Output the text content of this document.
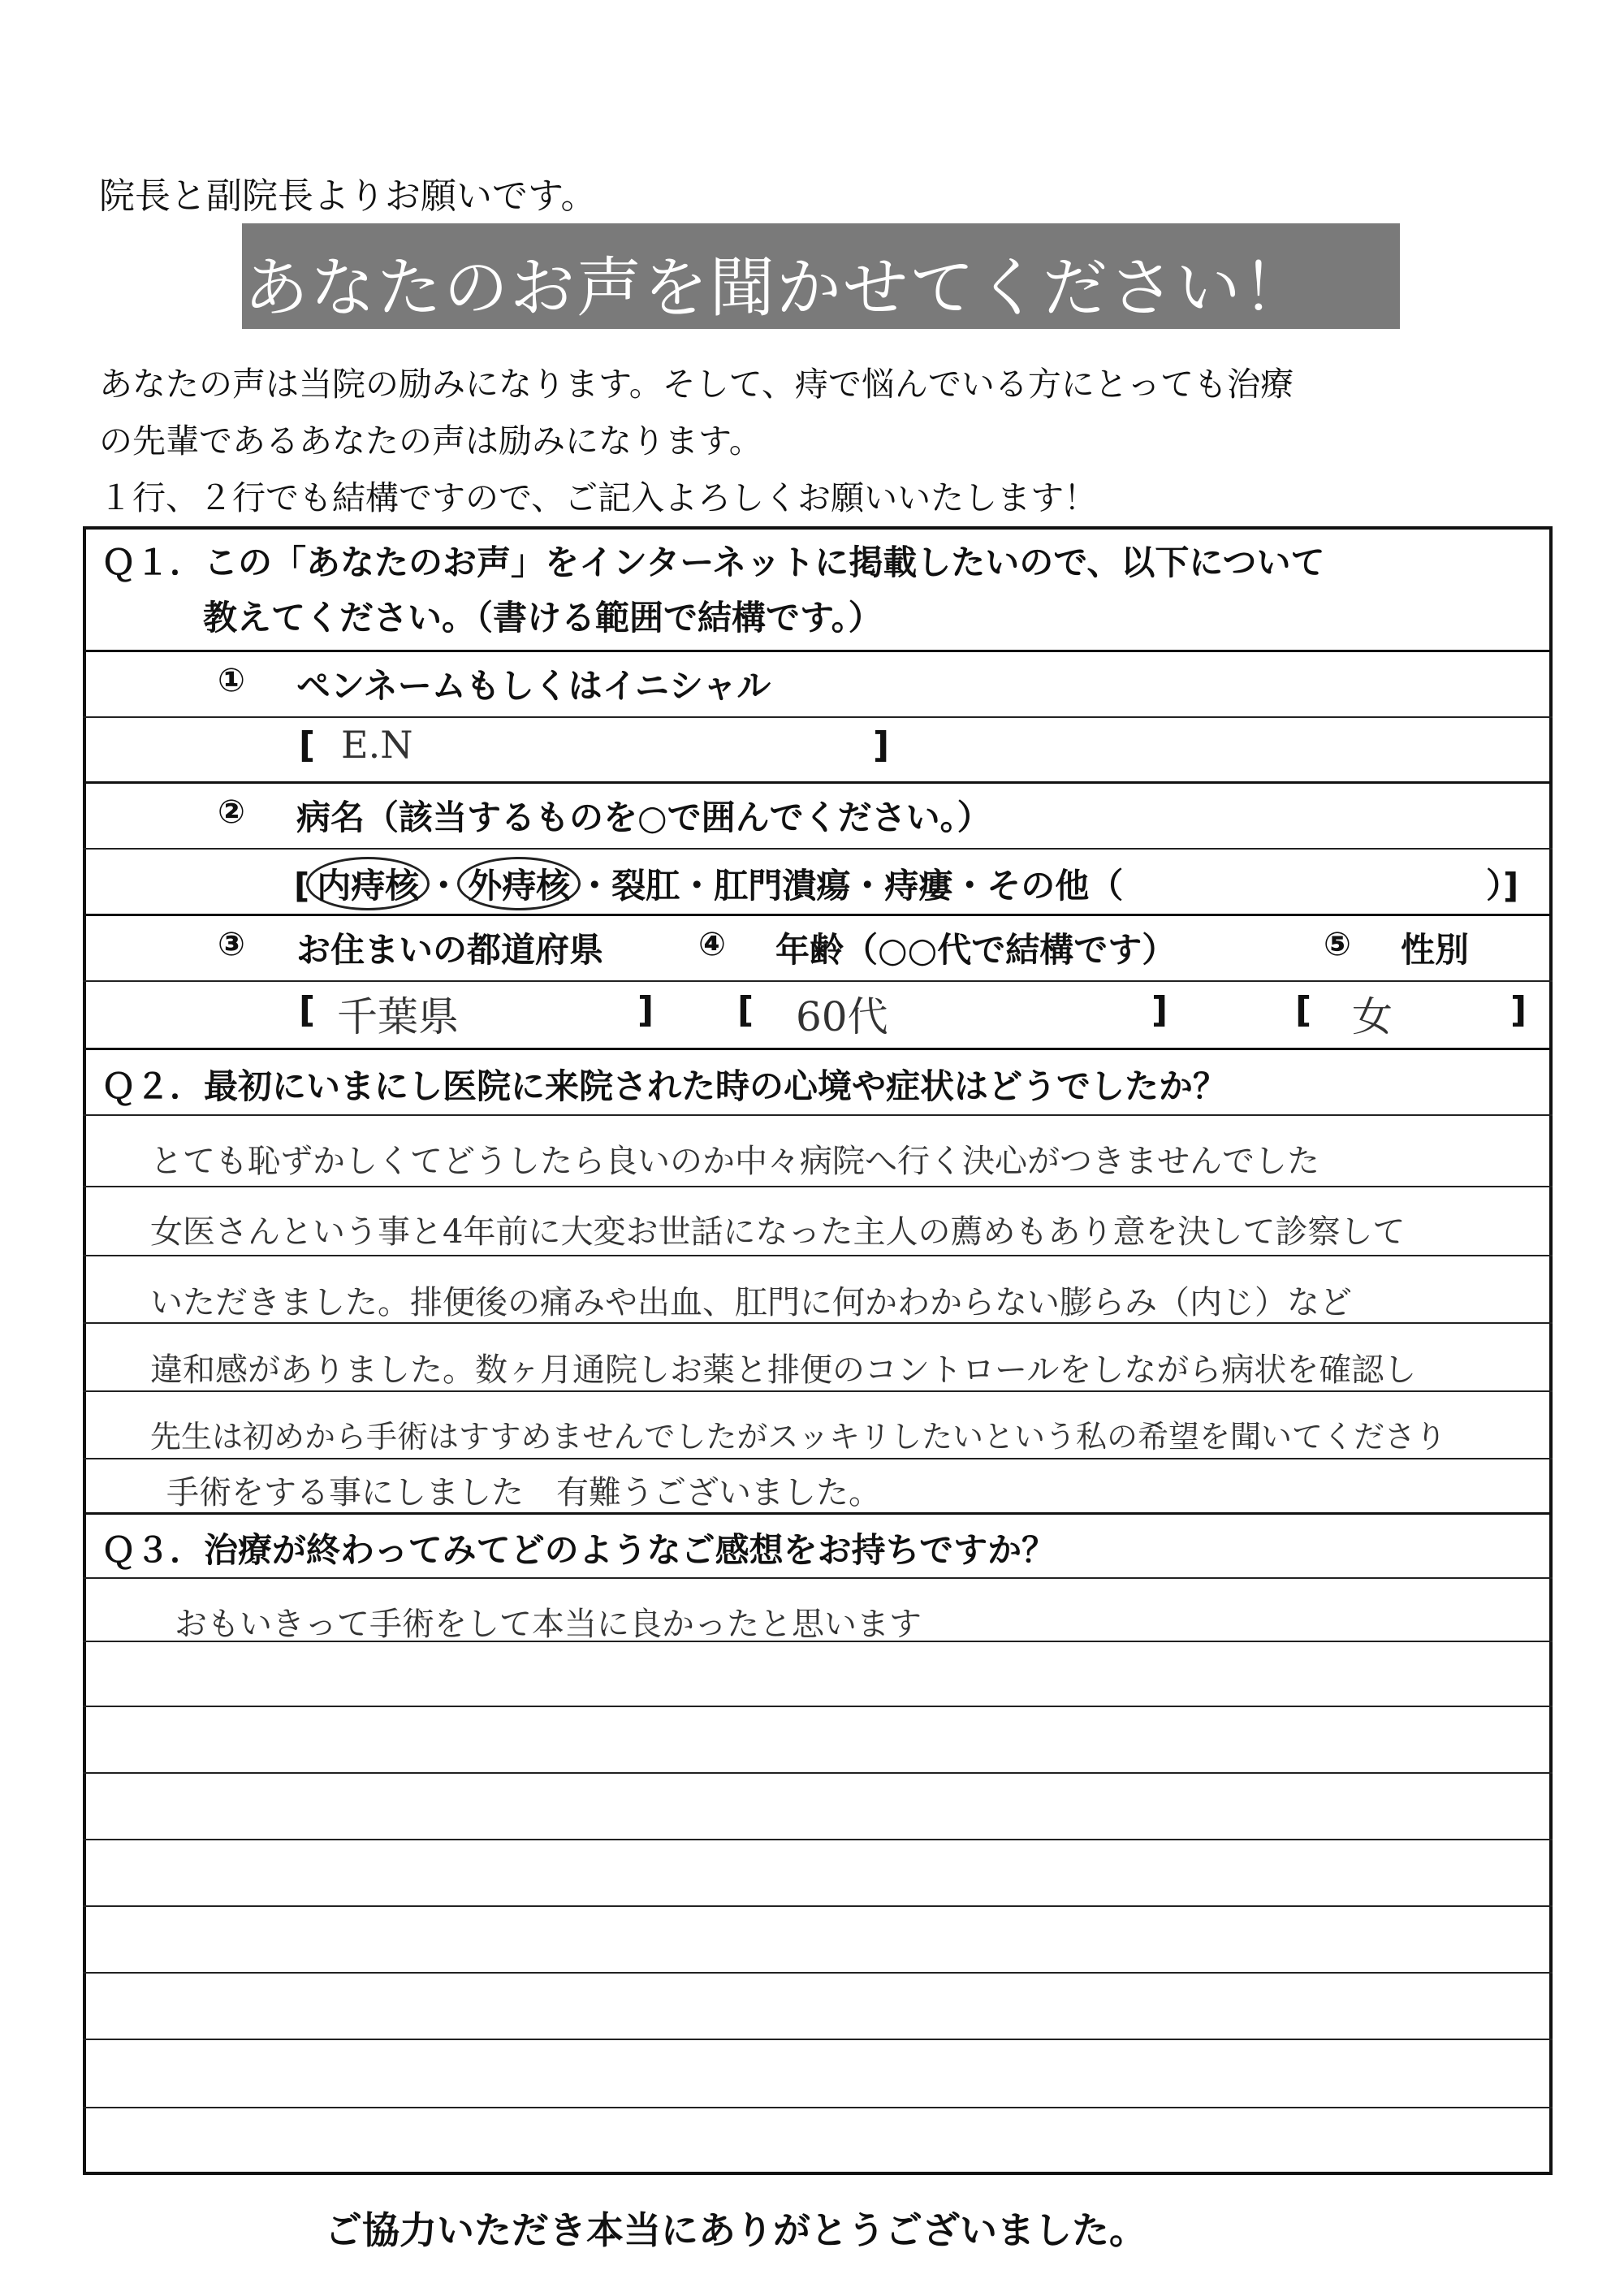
院長と副院長よりお願いです。
あなたのお声を聞かせてください！
あなたの声は当院の励みになります。そして、痔で悩んでいる方にとっても治療
の先輩であるあなたの声は励みになります。
１行、２行でも結構ですので、ご記入よろしくお願いいたします！
Ｑ１．この「あなたのお声」をインターネットに掲載したいので、以下について
教えてください。（書ける範囲で結構です。）
① ペンネームもしくはイニシャル
[ E.N	]
② 病名（該当するものを○で囲んでください。）
[ 内痔核 ・ 外痔核 ・裂肛・肛門潰瘍・痔瘻・その他（	）]
③ お住まいの都道府県	④ 年齢（○○代で結構です）	⑤ 性別
[ 千葉県	] [ 60代	]	[ 女	]
Ｑ２．最初にいまにし医院に来院された時の心境や症状はどうでしたか？
とても恥ずかしくてどうしたら良いのか中々病院へ行く決心がつきませんでした
女医さんという事と4年前に大変お世話になった主人の薦めもあり意を決して診察して
いただきました。排便後の痛みや出血、肛門に何かわからない膨らみ（内じ）など
違和感がありました。数ヶ月通院しお薬と排便のコントロールをしながら病状を確認し
先生は初めから手術はすすめませんでしたがスッキリしたいという私の希望を聞いてくださり
手術をする事にしました　有難うございました。
Ｑ３．治療が終わってみてどのようなご感想をお持ちですか？
おもいきって手術をして本当に良かったと思います
ご協力いただき本当にありがとうございました。
